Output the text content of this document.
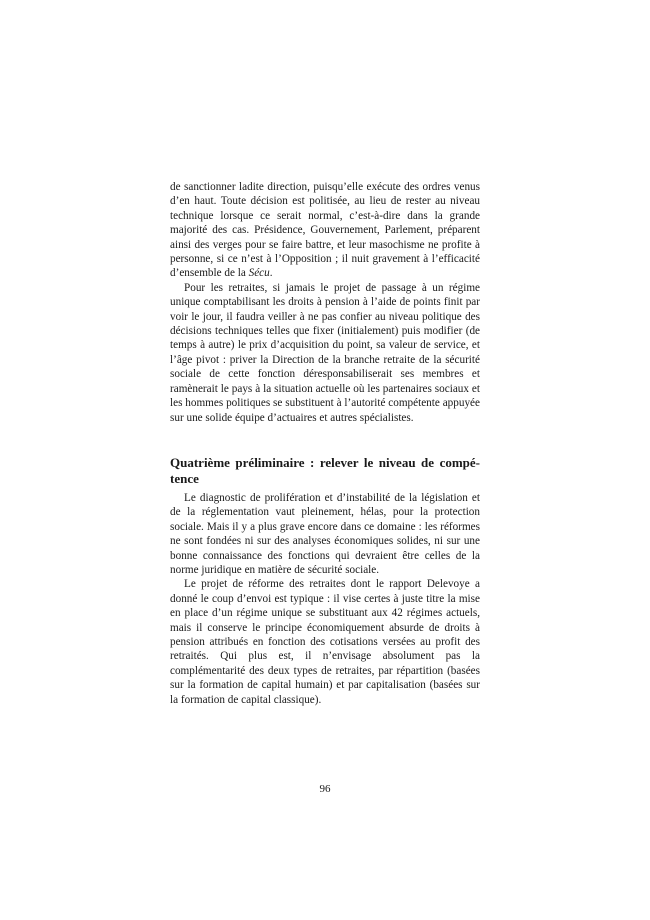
de sanctionner ladite direction, puisqu’elle exécute des ordres venus d’en haut. Toute décision est politisée, au lieu de rester au niveau technique lorsque ce serait normal, c’est-à-dire dans la grande majorité des cas. Présidence, Gouvernement, Parlement, préparent ainsi des verges pour se faire battre, et leur masochisme ne profite à personne, si ce n’est à l’Opposition ; il nuit gravement à l’efficacité d’ensemble de la Sécu.

Pour les retraites, si jamais le projet de passage à un régime unique comptabilisant les droits à pension à l’aide de points finit par voir le jour, il faudra veiller à ne pas confier au niveau politique des décisions techniques telles que fixer (initialement) puis modifier (de temps à autre) le prix d’acquisition du point, sa valeur de service, et l’âge pivot : priver la Direction de la branche retraite de la sécurité sociale de cette fonction déresponsabiliserait ses membres et ramènerait le pays à la situation actuelle où les partenaires sociaux et les hommes politiques se substituent à l’autorité compétente appuyée sur une solide équipe d’actuaires et autres spécialistes.

Quatrième préliminaire : relever le niveau de compé-tence

Le diagnostic de prolifération et d’instabilité de la législation et de la réglementation vaut pleinement, hélas, pour la protection sociale. Mais il y a plus grave encore dans ce domaine : les réformes ne sont fondées ni sur des analyses économiques solides, ni sur une bonne connaissance des fonctions qui devraient être celles de la norme juridique en matière de sécurité sociale.

Le projet de réforme des retraites dont le rapport Delevoye a donné le coup d’envoi est typique : il vise certes à juste titre la mise en place d’un régime unique se substituant aux 42 régimes actuels, mais il conserve le principe économiquement absurde de droits à pension attribués en fonction des cotisations versées au profit des retraités. Qui plus est, il n’envisage absolument pas la complémentarité des deux types de retraites, par répartition (basées sur la formation de capital humain) et par capitalisation (basées sur la formation de capital classique).

96
